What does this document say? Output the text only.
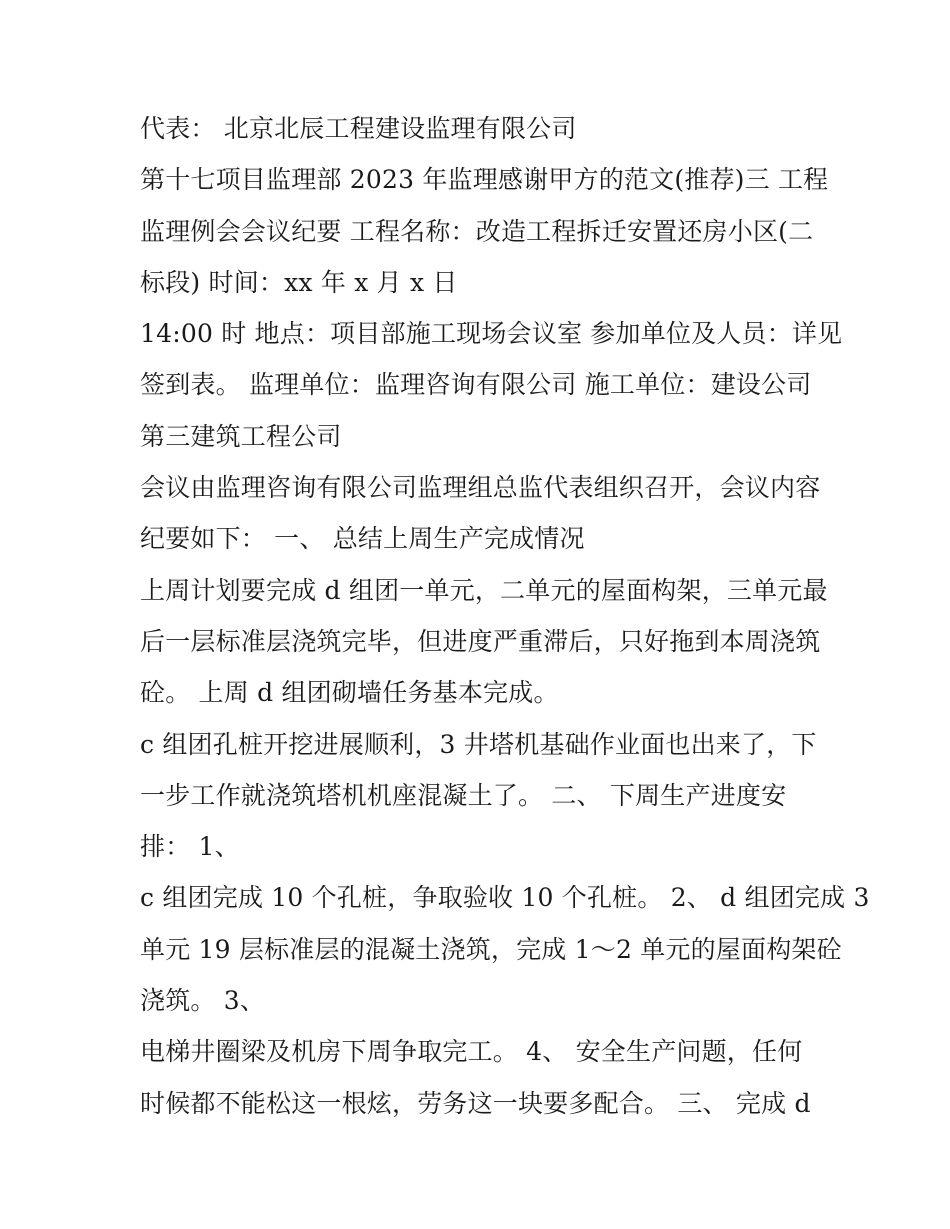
代表： 北京北辰工程建设监理有限公司
第十七项目监理部 2023 年监理感谢甲方的范文(推荐)三 工程
监理例会会议纪要 工程名称：改造工程拆迁安置还房小区(二
标段) 时间：xx 年 x 月 x 日
14:00 时 地点：项目部施工现场会议室 参加单位及人员：详见
签到表。 监理单位：监理咨询有限公司 施工单位：建设公司
第三建筑工程公司
会议由监理咨询有限公司监理组总监代表组织召开，会议内容
纪要如下： 一、 总结上周生产完成情况
上周计划要完成 d 组团一单元，二单元的屋面构架，三单元最
后一层标准层浇筑完毕，但进度严重滞后，只好拖到本周浇筑
砼。 上周 d 组团砌墙任务基本完成。
c 组团孔桩开挖进展顺利，3 井塔机基础作业面也出来了，下
一步工作就浇筑塔机机座混凝土了。 二、 下周生产进度安
排： 1、
c 组团完成 10 个孔桩，争取验收 10 个孔桩。 2、 d 组团完成 3
单元 19 层标准层的混凝土浇筑，完成 1～2 单元的屋面构架砼
浇筑。 3、
电梯井圈梁及机房下周争取完工。 4、 安全生产问题，任何
时候都不能松这一根炫，劳务这一块要多配合。 三、 完成 d
